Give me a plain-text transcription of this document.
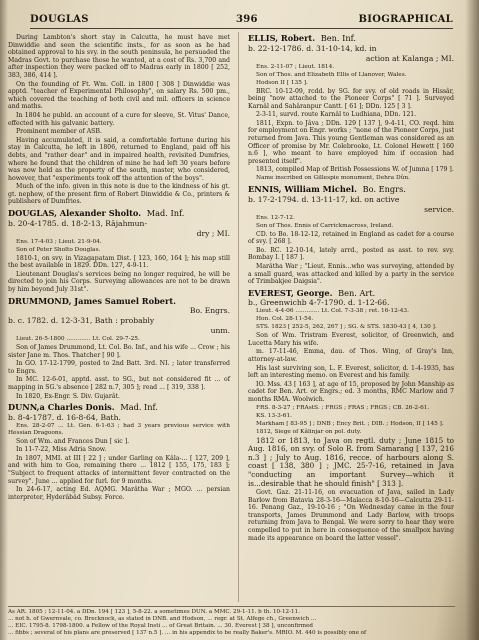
DOUGLAS	396	BIOGRAPHICAL

During Lambton's short stay in Calcutta, he must have met Dinwiddie and seen the scientific insts., for as soon as he had obtained approval to his svy. in the south peninsula, he persuaded the Madras Govt. to purchase those he wanted, at a cost of Rs. 3,700 and after inspection they were packed off to Madras early in 1800 [ 252, 383, 386, 414 ].

On the founding of Ft. Wm. Coll. in 1800 [ 308 ] Dinwiddie was apptd. "teacher of Experimental Philosophy", on salary Rs. 500 pm., which covered the teaching of both civil and mil. officers in science and maths.

In 1804 he publd. an account of a cure for sleeve, St. Vitus' Dance, effected with his galvanic battery.

Prominent member of ASB.

Having accumulated, it is said, a comfortable fortune during his stay in Calcutta, he left in 1806, returned to England, paid off his debts, and "rather dear" and in impaired health, revisited Dumfries, where he found that the children of mine he had left 30 years before was now held as the property of the south, master, who considered, however, that "experiments took off the attention of the boys".

Much of the info. given in this note is due to the kindness of his gt. gt. nephew, of the present firm of Robert Dinwiddie & Co., printers & publishers of Dumfries.

DOUGLAS, Alexander Sholto. Mad. Inf.

b. 20-4-1785. d. 18-2-13, Râjahmun-

dry ; MI.

Ens. 17-4-03 ; Lieut. 21-9-04.

Son of Peter Sholto Douglas.

1810-1, on svy. in Vizagapatam Dist. [ 123, 160, 164 ]; his map still the best available in 1829. DDn. 127, 4-9-11.

Lieutenant Douglas's services being no longer required, he will be directed to join his Corps. Surveying allowances are not to be drawn by him beyond July 31st".

DRUMMOND, James Samuel Robert.

Bo. Engrs.

b. c. 1782. d. 12-3-31, Bath : probably

unm.

Lieut. 26-5-1800 ............. Lt. Col. 29-7-25.

Son of James Drummond, Lt. Col. Bo. Inf., and his wife ... Crow ; his sister Jane m. Thos. Thatcher [ 90 ].

In GO. 17-12-1799, posted to 2nd Batt. 3rd. NI. ; later transferred to Engrs.

In MC. 12-6-01, apptd. asst. to SG., but not considered fit ... of mapping in SG.'s absence [ 282 n.7, 305 ]; read ... [ 319, 338 ].

In 1820, Ex-Engr. S. Div. Gujarât.

DUNN,a Charles Donis. Mad. Inf.

b. 8-4-1787. d. 16-8-64, Bath.

Ens. 28-2-07 ... Lt. Gen. 6-1-63 ; had 3 years previous service with Hessian Dragoons.

Son of Wm. and Frances Dun [ sic ].

In 11-7-22, Miss Adria Snow.

In 1807, MMI. at III [ 22 ] ; under Garling on Kâla-... [ 127, 209 ], and with him to Goa, remaining there ... 1812 [ 155, 175, 183 ]; "Subject to frequent attacks of intermittent fever contracted on the survey". June ... applied for furl. for 9 months.

In 24-6-17, acting Ed. AQMG. Marâtha War ; MGO. ... persian interpreter, Hyderâbâd Subsy. Force.

ELLIS, Robert. Ben. Inf.

b. 22-12-1786. d. 31-10-14, kd. in

action at Kalanga ; MI.

Ens. 2-11-07 ; Lieut. 1814.

Son of Thos. and Elizabeth Ellis of Llanover, Wales.

Hodson II [ 135 ].

BRC. 10-12-09, rcdd. by SG. for svy. of old roads in Hissâr, being "now attached to the Pioneer Corps" [ 71 ]. Surveyed Karnâl and Sahâranpur Cantt. [ 61 ]; DDn. 125 [ 3 ].

2-3-11, survd. route Karnâl to Ludhiana, DDn. 121.

1811, Expn. to Jâva ; DDn. 129 [ 137 ], 9-4-11, CO. reqd. him for employment on Engr. works ; "none of the Pioneer Corps, just returned from Java. This young Gentleman was considered as an Officer of promise by Mr. Colebrooke, Lt. Colonel Hewett [ 160 n.6 ], who meant to have employed him if occasion had presented itself".

1813, compiled Map of British Possessions W. of Jumna [ 179 ].

Name inscribed on Gillespie monument, Dehra Dûn.

ENNIS, William Michel. Bo. Engrs.

b. 17-2-1794. d. 13-11-17, kd. on active

service.

Ens. 12-7-12.

Son of Thos. Ennis of Carrickmacross, Ireland.

CD. to Bo. 18-12-12, retained in England as cadet for a course of svy. [ 268 ].

Bo. RC. 12-10-14, lately arrd., posted as asst. to rev. svy. Bombay I. [ 187 ].

Marâtha War ; "Lieut. Ennis...who was surveying, attended by a small guard, was attacked and killed by a party in the service of Trimbakjee Daigsia".

EVEREST, George. Ben. Art.

b., Greenwichb 4-7-1790. d. 1-12-66.

Lieut. 4-4-06 ............. Lt. Col. 7-3-38 ; ret. 16-12-43.

Hon. Col. 28-11-54.

STS. 1823 [ 252-5, 262, 267 ] ; SG. & STS. 1830-43 [ 4, 130 ].

Son of Wm. Tristram Everest, solicitor, of Greenwich, and Lucetta Mary his wife.

m. 17-11-46, Emma, dau. of Thos. Wing, of Gray's Inn, attorney-at-law.

His last surviving son, L. F. Everest, solicitor, d. 1-4-1935, has left an interesting memo. on Everest and his family.

IO. Mss. 43 [ 163 ], at age of 15, proposed by John Manship as cadet for Ben. Art. or Engrs.; ed. 3 months, RMC Marlow and 7 months RMA. Woolwich.

FRS. 8-3-27 ; FRAstS. ; FRGS ; FRAS ; FRGS ; CB. 26-2-61.

KS. 13-3-61.

Markham [ 83-95 ] ; DNB ; Ency Brit. ; DIB. ; Hodson, II [ 145 ].

1812, Siege of Kâlinjar on pol. duty.

1812 or 1813, to Java on regtl. duty ; June 1815 to Aug. 1816, on svy. of Solo R. from Samarang [ 137, 216 n.3 ] ; July to Aug. 1816, recce. of harbours along S. coast [ 138, 380 ] ; JMC. 25-7-16, retained in Java "conducting an important Survey—which it is...desirable that he should finish" [ 313 ].

Govt. Gaz. 21-11-16, on evacuation of Java, sailed in Lady Barlow from Batavia 28-3-16—Malacca 8-10-16—Calcutta 29-11-16. Penang Gaz., 19-10-16 ; "On Wednesday came in the four transports, James Drummond and Lady Barlow, with troops returning from Java to Bengal. We were sorry to hear they were compelled to put in here in consequence of the smallpox having made its appearance on board the latter vessel".

As AR. 1805 ; 12-11-04. a DDn. 194 [ 123 ], 5-8-22. a sometimes DUN. a MMC. 29-1-11. b th. 10-12-11.

... not h. of Gwernvale, co. Brecknock, as stated in DNB. and Hodson, ... regr. at St. Alfege ch., Greenwich ...

... EIC. 1795-8. 1798-1800. a Fellow of the Royal Insti ... of Great Britain. ... 30. Everest [ 38 ], unconfirmed

... fibbs ; several of his plans are preserved [ 137 n.5 ]. ... in his appendix to be really Baker's. MRIO. M. 440 is possibly one of
